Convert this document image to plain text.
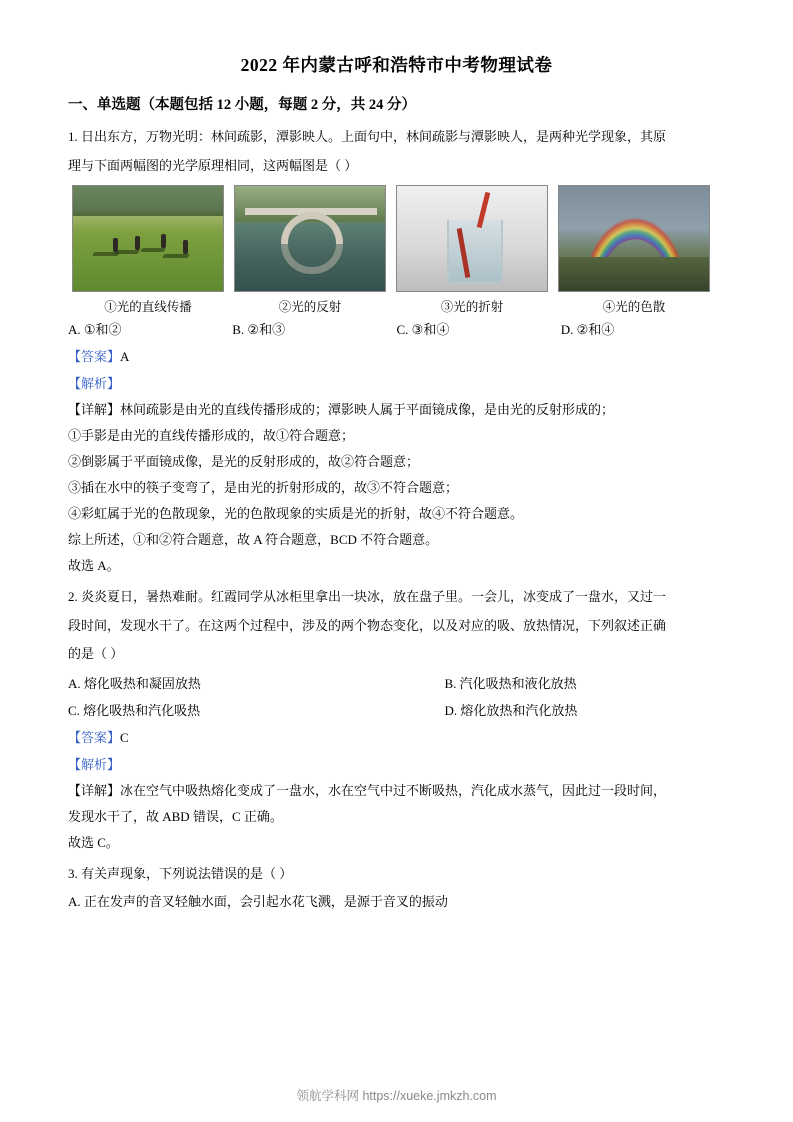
2022 年内蒙古呼和浩特市中考物理试卷
一、单选题（本题包括 12 小题，每题 2 分，共 24 分）

1. 日出东方，万物光明：林间疏影，潭影映人。上面句中，林间疏影与潭影映人，是两种光学现象，其原

理与下面两幅图的光学原理相同，这两幅图是（ ）

①光的直线传播	②光的反射	③光的折射	④光的色散
A. ①和②	B. ②和③	C. ③和④	D. ②和④

【答案】A

【解析】

【详解】林间疏影是由光的直线传播形成的；潭影映人属于平面镜成像，是由光的反射形成的；

①手影是由光的直线传播形成的，故①符合题意；

②倒影属于平面镜成像，是光的反射形成的，故②符合题意；

③插在水中的筷子变弯了，是由光的折射形成的，故③不符合题意；

④彩虹属于光的色散现象，光的色散现象的实质是光的折射，故④不符合题意。

综上所述，①和②符合题意，故 A 符合题意，BCD 不符合题意。

故选 A。

2. 炎炎夏日，暑热难耐。红霞同学从冰柜里拿出一块冰，放在盘子里。一会儿，冰变成了一盘水，又过一

段时间，发现水干了。在这两个过程中，涉及的两个物态变化，以及对应的吸、放热情况，下列叙述正确

的是（ ）

A. 熔化吸热和凝固放热	B. 汽化吸热和液化放热
C. 熔化吸热和汽化吸热	D. 熔化放热和汽化放热

【答案】C

【解析】

【详解】冰在空气中吸热熔化变成了一盘水，水在空气中过不断吸热，汽化成水蒸气，因此过一段时间，

发现水干了，故 ABD 错误，C 正确。

故选 C。

3. 有关声现象，下列说法错误的是（ ）

A. 正在发声的音叉轻触水面，会引起水花飞溅，是源于音叉的振动

领航学科网 https://xueke.jmkzh.com
